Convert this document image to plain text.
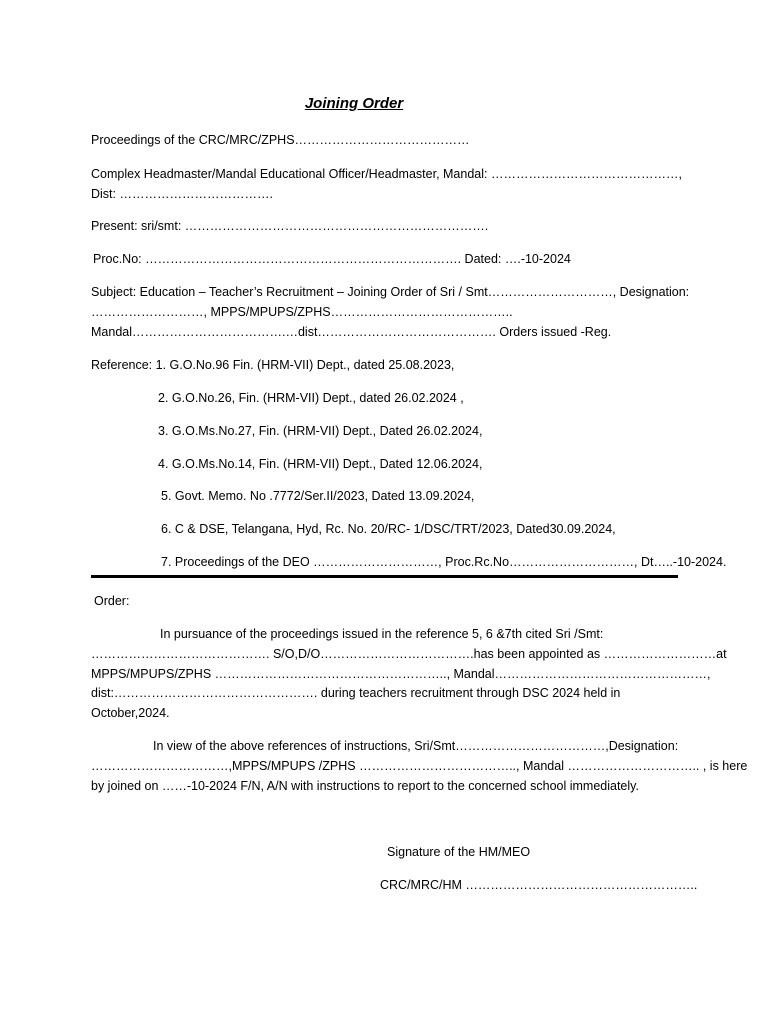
Joining Order
Proceedings of the CRC/MRC/ZPHS……………………………………
Complex Headmaster/Mandal Educational Officer/Headmaster, Mandal: ………………………………………,
Dist: ……………………………….
Present: sri/smt: ……………………………………………………………….
Proc.No: …………………………………………………………………. Dated: ….-10-2024
Subject: Education – Teacher’s Recruitment – Joining Order of Sri / Smt…………………………, Designation:
………………………, MPPS/MPUPS/ZPHS……………………………………..
Mandal……………………………….…dist……………………………………. Orders issued -Reg.
Reference: 1. G.O.No.96 Fin. (HRM-VII) Dept., dated 25.08.2023,
2. G.O.No.26, Fin. (HRM-VII) Dept., dated 26.02.2024 ,
3. G.O.Ms.No.27, Fin. (HRM-VII) Dept., Dated 26.02.2024,
4. G.O.Ms.No.14, Fin. (HRM-VII) Dept., Dated 12.06.2024,
5. Govt. Memo. No .7772/Ser.II/2023, Dated 13.09.2024,
6. C & DSE, Telangana, Hyd, Rc. No. 20/RC- 1/DSC/TRT/2023, Dated30.09.2024,
7. Proceedings of the DEO …………………………, Proc.Rc.No…………………………, Dt…..-10-2024.
Order:
In pursuance of the proceedings issued in the reference 5, 6 &7th cited Sri /Smt:
……………………………………. S/O,D/O……………………………….has been appointed as ………………………at
MPPS/MPUPS/ZPHS ……………………………………………….., Mandal……………………………………………,
dist:…………………………………………. during teachers recruitment through DSC 2024 held in
October,2024.
In view of the above references of instructions, Sri/Smt………………………………,Designation:
……………………………,MPPS/MPUPS /ZPHS ……………………………….., Mandal ………………………….. , is here
by joined on ……-10-2024 F/N, A/N with instructions to report to the concerned school immediately.
Signature of the HM/MEO
CRC/MRC/HM ………………………………………………..
